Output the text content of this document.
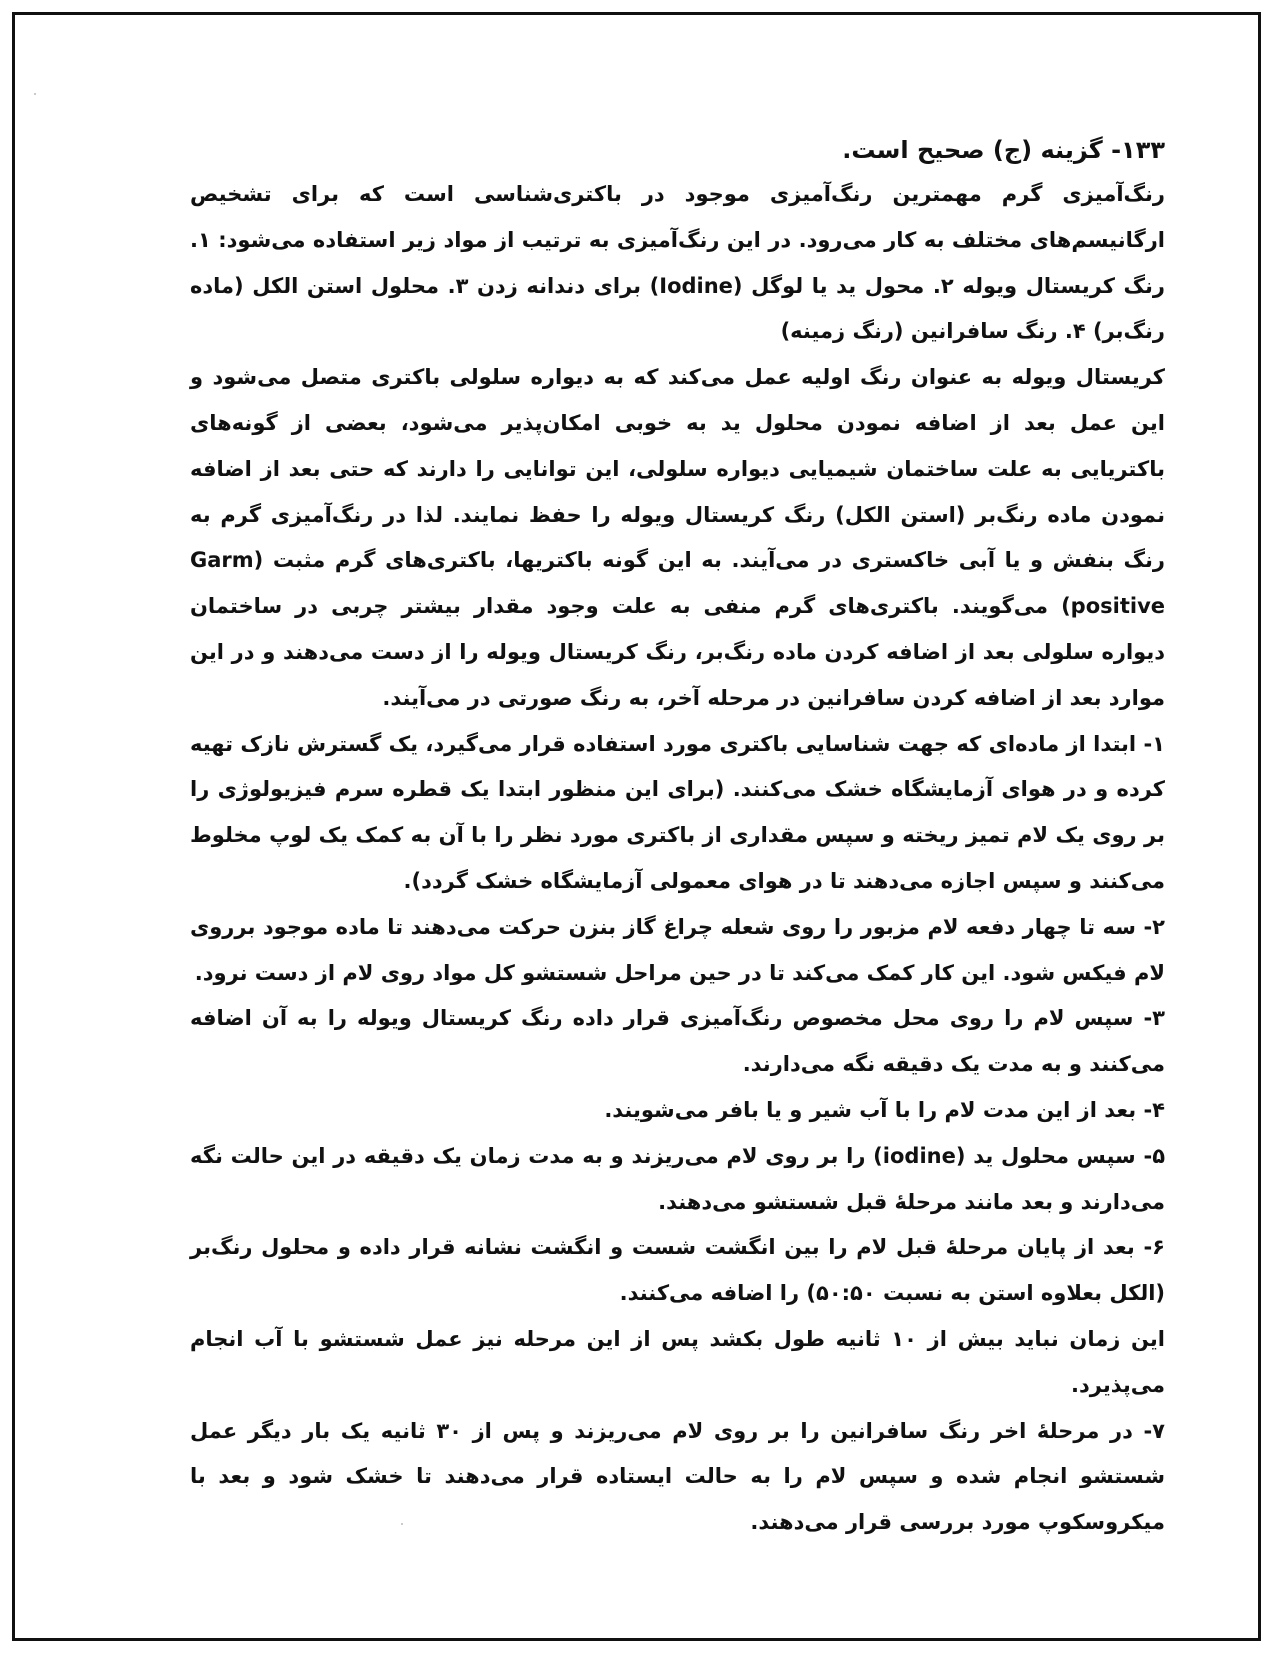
۱۳۳- گزینه (ج) صحیح است.

رنگ‌آمیزی گرم مهمترین رنگ‌آمیزی موجود در باکتری‌شناسی است که برای تشخیص ارگانیسم‌های مختلف به کار می‌رود. در این رنگ‌آمیزی به ترتیب از مواد زیر استفاده می‌شود: ۱. رنگ کریستال ویوله ۲. محول ید یا لوگل (Iodine) برای دندانه زدن ۳. محلول استن الکل (ماده رنگ‌بر) ۴. رنگ سافرانین (رنگ زمینه)

کریستال ویوله به عنوان رنگ اولیه عمل می‌کند که به دیواره سلولی باکتری متصل می‌شود و این عمل بعد از اضافه نمودن محلول ید به خوبی امکان‌پذیر می‌شود، بعضی از گونه‌های باکتریایی به علت ساختمان شیمیایی دیواره سلولی، این توانایی را دارند که حتی بعد از اضافه نمودن ماده رنگ‌بر (استن الکل) رنگ کریستال ویوله را حفظ نمایند. لذا در رنگ‌آمیزی گرم به رنگ بنفش و یا آبی خاکستری در می‌آیند. به این گونه باکتریها، باکتری‌های گرم مثبت (Garm positive) می‌گویند. باکتری‌های گرم منفی به علت وجود مقدار بیشتر چربی در ساختمان دیواره سلولی بعد از اضافه کردن ماده رنگ‌بر، رنگ کریستال ویوله را از دست می‌دهند و در این موارد بعد از اضافه کردن سافرانین در مرحله آخر، به رنگ صورتی در می‌آیند.

۱- ابتدا از ماده‌ای که جهت شناسایی باکتری مورد استفاده قرار می‌گیرد، یک گسترش نازک تهیه کرده و در هوای آزمایشگاه خشک می‌کنند. (برای این منظور ابتدا یک قطره سرم فیزیولوژی را بر روی یک لام تمیز ریخته و سپس مقداری از باکتری مورد نظر را با آن به کمک یک لوپ مخلوط می‌کنند و سپس اجازه می‌دهند تا در هوای معمولی آزمایشگاه خشک گردد).

۲- سه تا چهار دفعه لام مزبور را روی شعله چراغ گاز بنزن حرکت می‌دهند تا ماده موجود برروی لام فیکس شود. این کار کمک می‌کند تا در حین مراحل شستشو کل مواد روی لام از دست نرود.

۳- سپس لام را روی محل مخصوص رنگ‌آمیزی قرار داده رنگ کریستال ویوله را به آن اضافه می‌کنند و به مدت یک دقیقه نگه می‌دارند.

۴- بعد از این مدت لام را با آب شیر و یا بافر می‌شویند.

۵- سپس محلول ید (iodine) را بر روی لام می‌ریزند و به مدت زمان یک دقیقه در این حالت نگه می‌دارند و بعد مانند مرحلهٔ قبل شستشو می‌دهند.

۶- بعد از پایان مرحلهٔ قبل لام را بین انگشت شست و انگشت نشانه قرار داده و محلول رنگ‌بر (الکل بعلاوه استن به نسبت ۵۰:۵۰) را اضافه می‌کنند.

این زمان نباید بیش از ۱۰ ثانیه طول بکشد پس از این مرحله نیز عمل شستشو با آب انجام می‌پذیرد.

۷- در مرحلهٔ اخر رنگ سافرانین را بر روی لام می‌ریزند و پس از ۳۰ ثانیه یک بار دیگر عمل شستشو انجام شده و سپس لام را به حالت ایستاده قرار می‌دهند تا خشک شود و بعد با میکروسکوپ مورد بررسی قرار می‌دهند.
